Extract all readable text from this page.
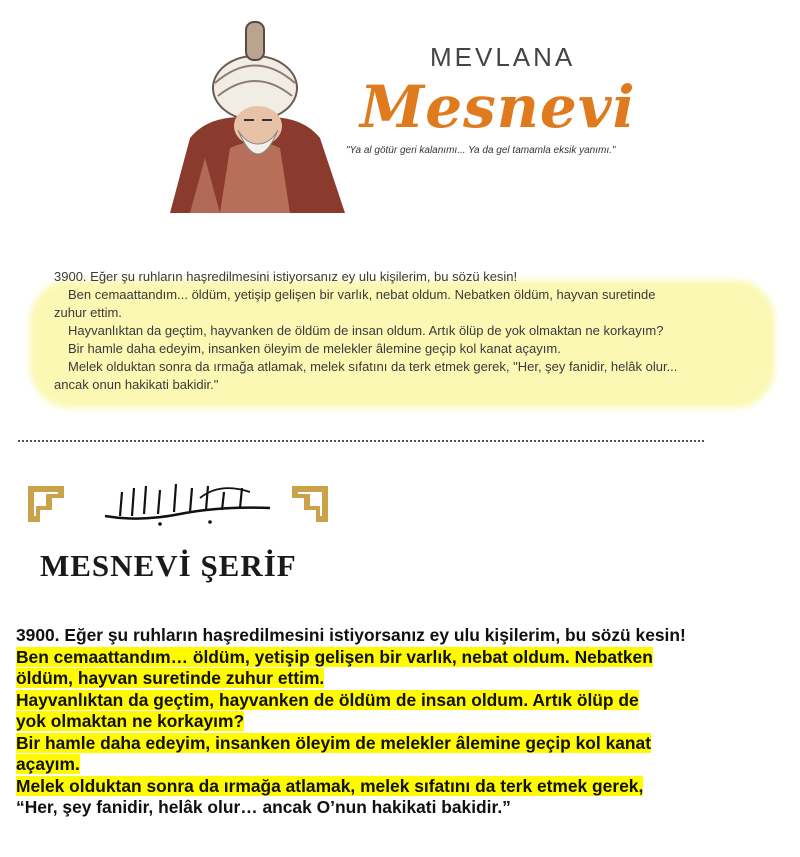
MEVLANA
Mesnevi
"Ya al götür geri kalanımı... Ya da gel tamamla eksik yanımı."

3900. Eğer şu ruhların haşredilmesini istiyorsanız ey ulu kişilerim, bu sözü kesin!

Ben cemaattandım... öldüm, yetişip gelişen bir varlık, nebat oldum. Nebatken öldüm, hayvan suretinde

zuhur ettim.

Hayvanlıktan da geçtim, hayvanken de öldüm de insan oldum. Artık ölüp de yok olmaktan ne korkayım?

Bir hamle daha edeyim, insanken öleyim de melekler âlemine geçip kol kanat açayım.

Melek olduktan sonra da ırmağa atlamak, melek sıfatını da terk etmek gerek, "Her, şey fanidir, helâk olur...

ancak onun hakikati bakidir."

MESNEVİ ŞERİF

3900. Eğer şu ruhların haşredilmesini istiyorsanız ey ulu kişilerim, bu sözü kesin!

Ben cemaattandım… öldüm, yetişip gelişen bir varlık, nebat oldum. Nebatken

öldüm, hayvan suretinde zuhur ettim.

Hayvanlıktan da geçtim, hayvanken de öldüm de insan oldum. Artık ölüp de

yok olmaktan ne korkayım?

Bir hamle daha edeyim, insanken öleyim de melekler âlemine geçip kol kanat

açayım.

Melek olduktan sonra da ırmağa atlamak, melek sıfatını da terk etmek gerek,

“Her, şey fanidir, helâk olur… ancak O’nun hakikati bakidir.”
